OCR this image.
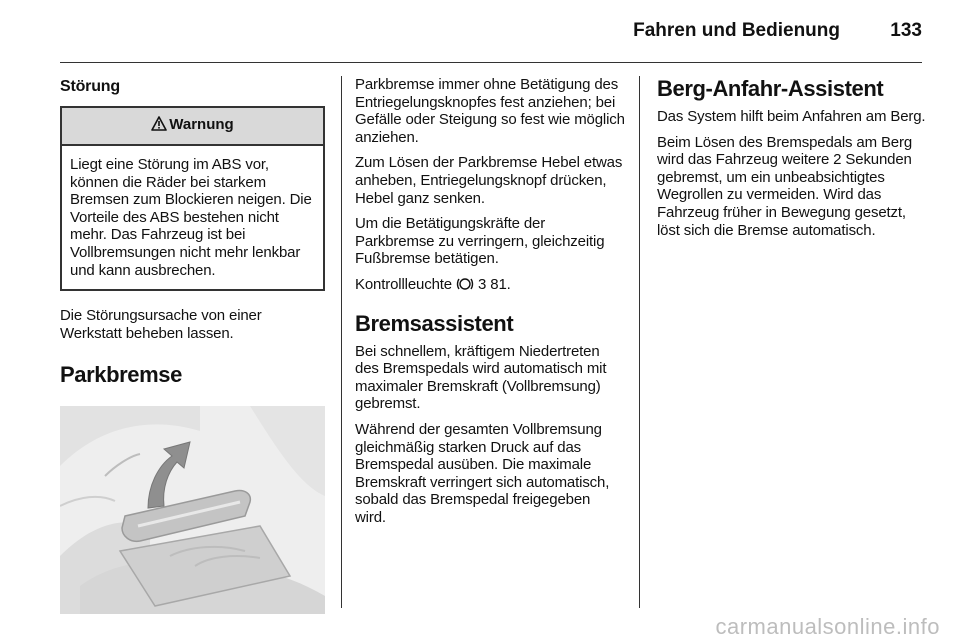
Fahren und Bedienung	133
Störung
Warnung

Liegt eine Störung im ABS vor, können die Räder bei starkem Bremsen zum Blockieren neigen. Die Vorteile des ABS bestehen nicht mehr. Das Fahrzeug ist bei Vollbremsungen nicht mehr lenkbar und kann ausbrechen.

Die Störungsursache von einer Werkstatt beheben lassen.

Parkbremse

Parkbremse immer ohne Betätigung des Entriegelungsknopfes fest anziehen; bei Gefälle oder Steigung so fest wie möglich anziehen.

Zum Lösen der Parkbremse Hebel etwas anheben, Entriegelungsknopf drücken, Hebel ganz senken.

Um die Betätigungskräfte der Parkbremse zu verringern, gleichzeitig Fußbremse betätigen.

Kontrollleuchte 3 81.

Bremsassistent

Bei schnellem, kräftigem Niedertreten des Bremspedals wird automatisch mit maximaler Bremskraft (Vollbremsung) gebremst.

Während der gesamten Vollbremsung gleichmäßig starken Druck auf das Bremspedal ausüben. Die maximale Bremskraft verringert sich automatisch, sobald das Bremspedal freigegeben wird.

Berg-Anfahr-Assistent

Das System hilft beim Anfahren am Berg.

Beim Lösen des Bremspedals am Berg wird das Fahrzeug weitere 2 Sekunden gebremst, um ein unbeabsichtigtes Wegrollen zu vermeiden. Wird das Fahrzeug früher in Bewegung gesetzt, löst sich die Bremse automatisch.

carmanualsonline.info
